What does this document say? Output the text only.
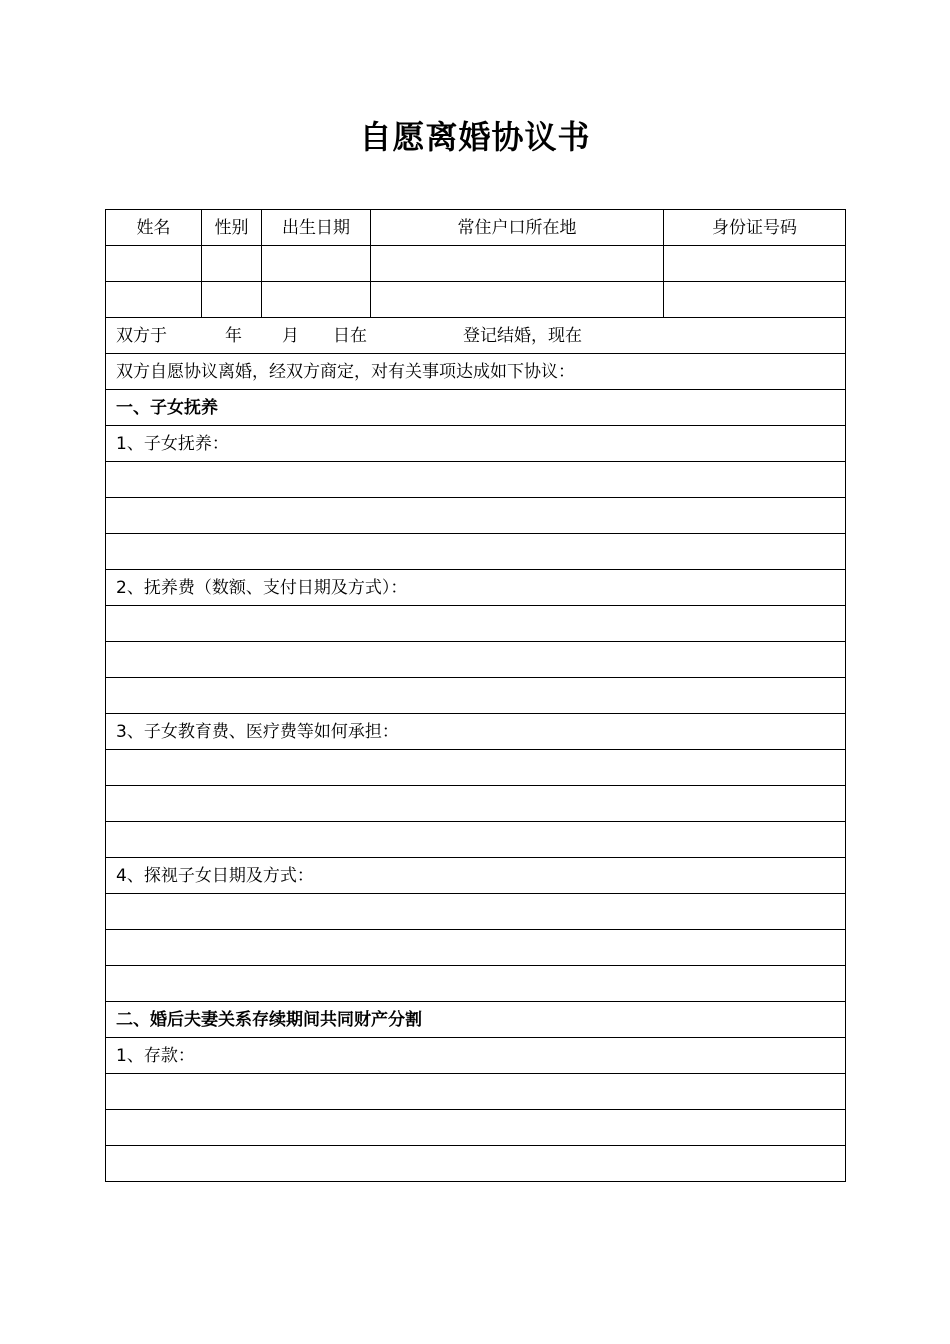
自愿离婚协议书
姓名	性别	出生日期	常住户口所在地	身份证号码

双方于 年 月 日在 登记结婚，现在				
双方自愿协议离婚，经双方商定，对有关事项达成如下协议：				
一、子女抚养				
1、子女抚养：				

2、抚养费（数额、支付日期及方式）：				

3、子女教育费、医疗费等如何承担：				

4、探视子女日期及方式：				

二、婚后夫妻关系存续期间共同财产分割				
1、存款：				
